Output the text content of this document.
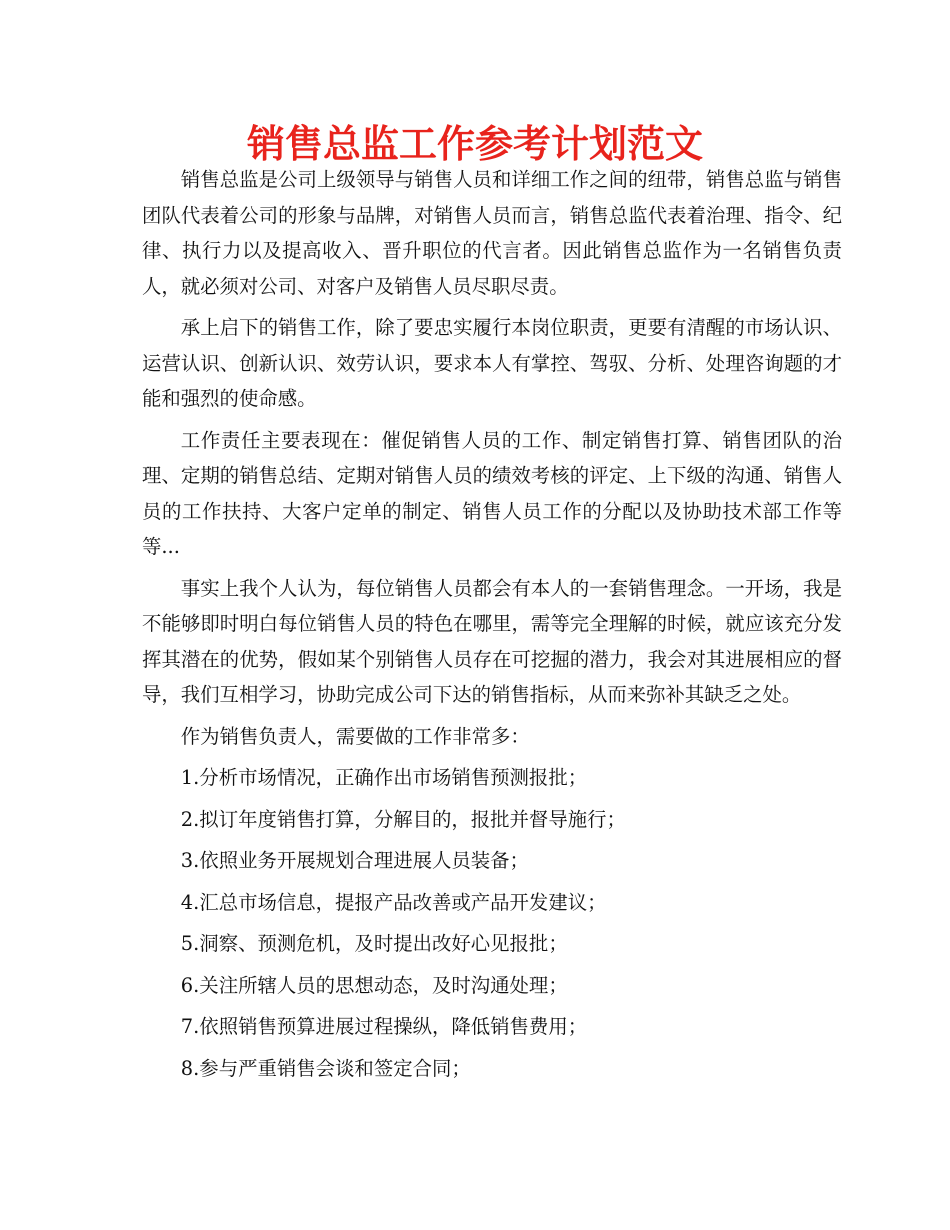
销售总监工作参考计划范文

销售总监是公司上级领导与销售人员和详细工作之间的纽带，销售总监与销售团队代表着公司的形象与品牌，对销售人员而言，销售总监代表着治理、指令、纪律、执行力以及提高收入、晋升职位的代言者。因此销售总监作为一名销售负责人，就必须对公司、对客户及销售人员尽职尽责。

承上启下的销售工作，除了要忠实履行本岗位职责，更要有清醒的市场认识、运营认识、创新认识、效劳认识，要求本人有掌控、驾驭、分析、处理咨询题的才能和强烈的使命感。

工作责任主要表现在：催促销售人员的工作、制定销售打算、销售团队的治理、定期的销售总结、定期对销售人员的绩效考核的评定、上下级的沟通、销售人员的工作扶持、大客户定单的制定、销售人员工作的分配以及协助技术部工作等等...

事实上我个人认为，每位销售人员都会有本人的一套销售理念。一开场，我是不能够即时明白每位销售人员的特色在哪里，需等完全理解的时候，就应该充分发挥其潜在的优势，假如某个别销售人员存在可挖掘的潜力，我会对其进展相应的督导，我们互相学习，协助完成公司下达的销售指标，从而来弥补其缺乏之处。

作为销售负责人，需要做的工作非常多：

1.分析市场情况，正确作出市场销售预测报批；
2.拟订年度销售打算，分解目的，报批并督导施行；
3.依照业务开展规划合理进展人员装备；
4.汇总市场信息，提报产品改善或产品开发建议；
5.洞察、预测危机，及时提出改好心见报批；
6.关注所辖人员的思想动态，及时沟通处理；
7.依照销售预算进展过程操纵，降低销售费用；
8.参与严重销售会谈和签定合同；
